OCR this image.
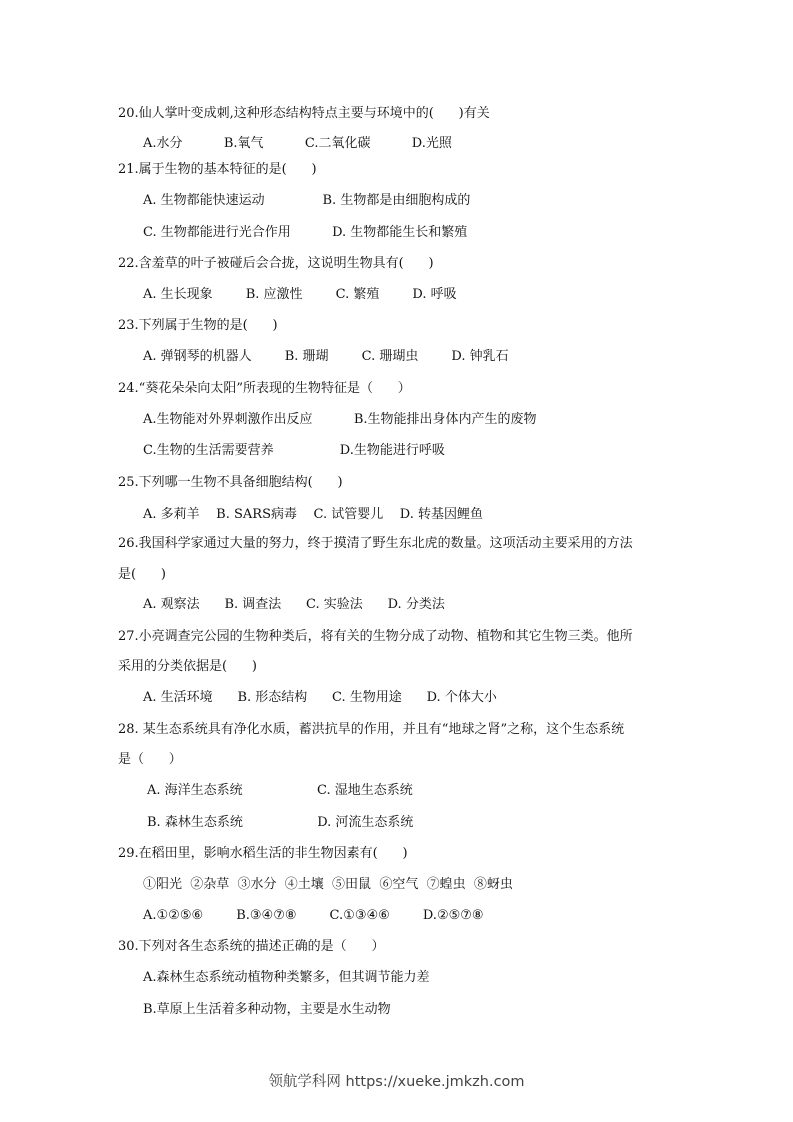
20.仙人掌叶变成刺,这种形态结构特点主要与环境中的(      )有关
A.水分          B.氧气          C.二氧化碳          D.光照
21.属于生物的基本特征的是(      )
A. 生物都能快速运动              B. 生物都是由细胞构成的
C. 生物都能进行光合作用          D. 生物都能生长和繁殖
22.含羞草的叶子被碰后会合拢，这说明生物具有(      )
A. 生长现象        B. 应激性        C. 繁殖        D. 呼吸
23.下列属于生物的是(      )
A. 弹钢琴的机器人        B. 珊瑚        C. 珊瑚虫        D. 钟乳石
24.“葵花朵朵向太阳”所表现的生物特征是（      ）
A.生物能对外界刺激作出反应          B.生物能排出身体内产生的废物
C.生物的生活需要营养                D.生物能进行呼吸
25.下列哪一生物不具备细胞结构(      )
A. 多莉羊    B. SARS病毒    C. 试管婴儿    D. 转基因鲤鱼
26.我国科学家通过大量的努力，终于摸清了野生东北虎的数量。这项活动主要采用的方法
是(      )
A. 观察法      B. 调查法      C. 实验法      D. 分类法
27.小亮调查完公园的生物种类后，将有关的生物分成了动物、植物和其它生物三类。他所
采用的分类依据是(      )
A. 生活环境      B. 形态结构      C. 生物用途      D. 个体大小
28. 某生态系统具有净化水质，蓄洪抗旱的作用，并且有“地球之肾”之称，这个生态系统
是（      ）
A. 海洋生态系统                  C. 湿地生态系统
B. 森林生态系统                  D. 河流生态系统
29.在稻田里，影响水稻生活的非生物因素有(      )
①阳光  ②杂草  ③水分  ④土壤  ⑤田鼠  ⑥空气  ⑦蝗虫  ⑧蚜虫
A.①②⑤⑥        B.③④⑦⑧        C.①③④⑥        D.②⑤⑦⑧
30.下列对各生态系统的描述正确的是（      ）
A.森林生态系统动植物种类繁多，但其调节能力差
B.草原上生活着多种动物，主要是水生动物
领航学科网 https://xueke.jmkzh.com
